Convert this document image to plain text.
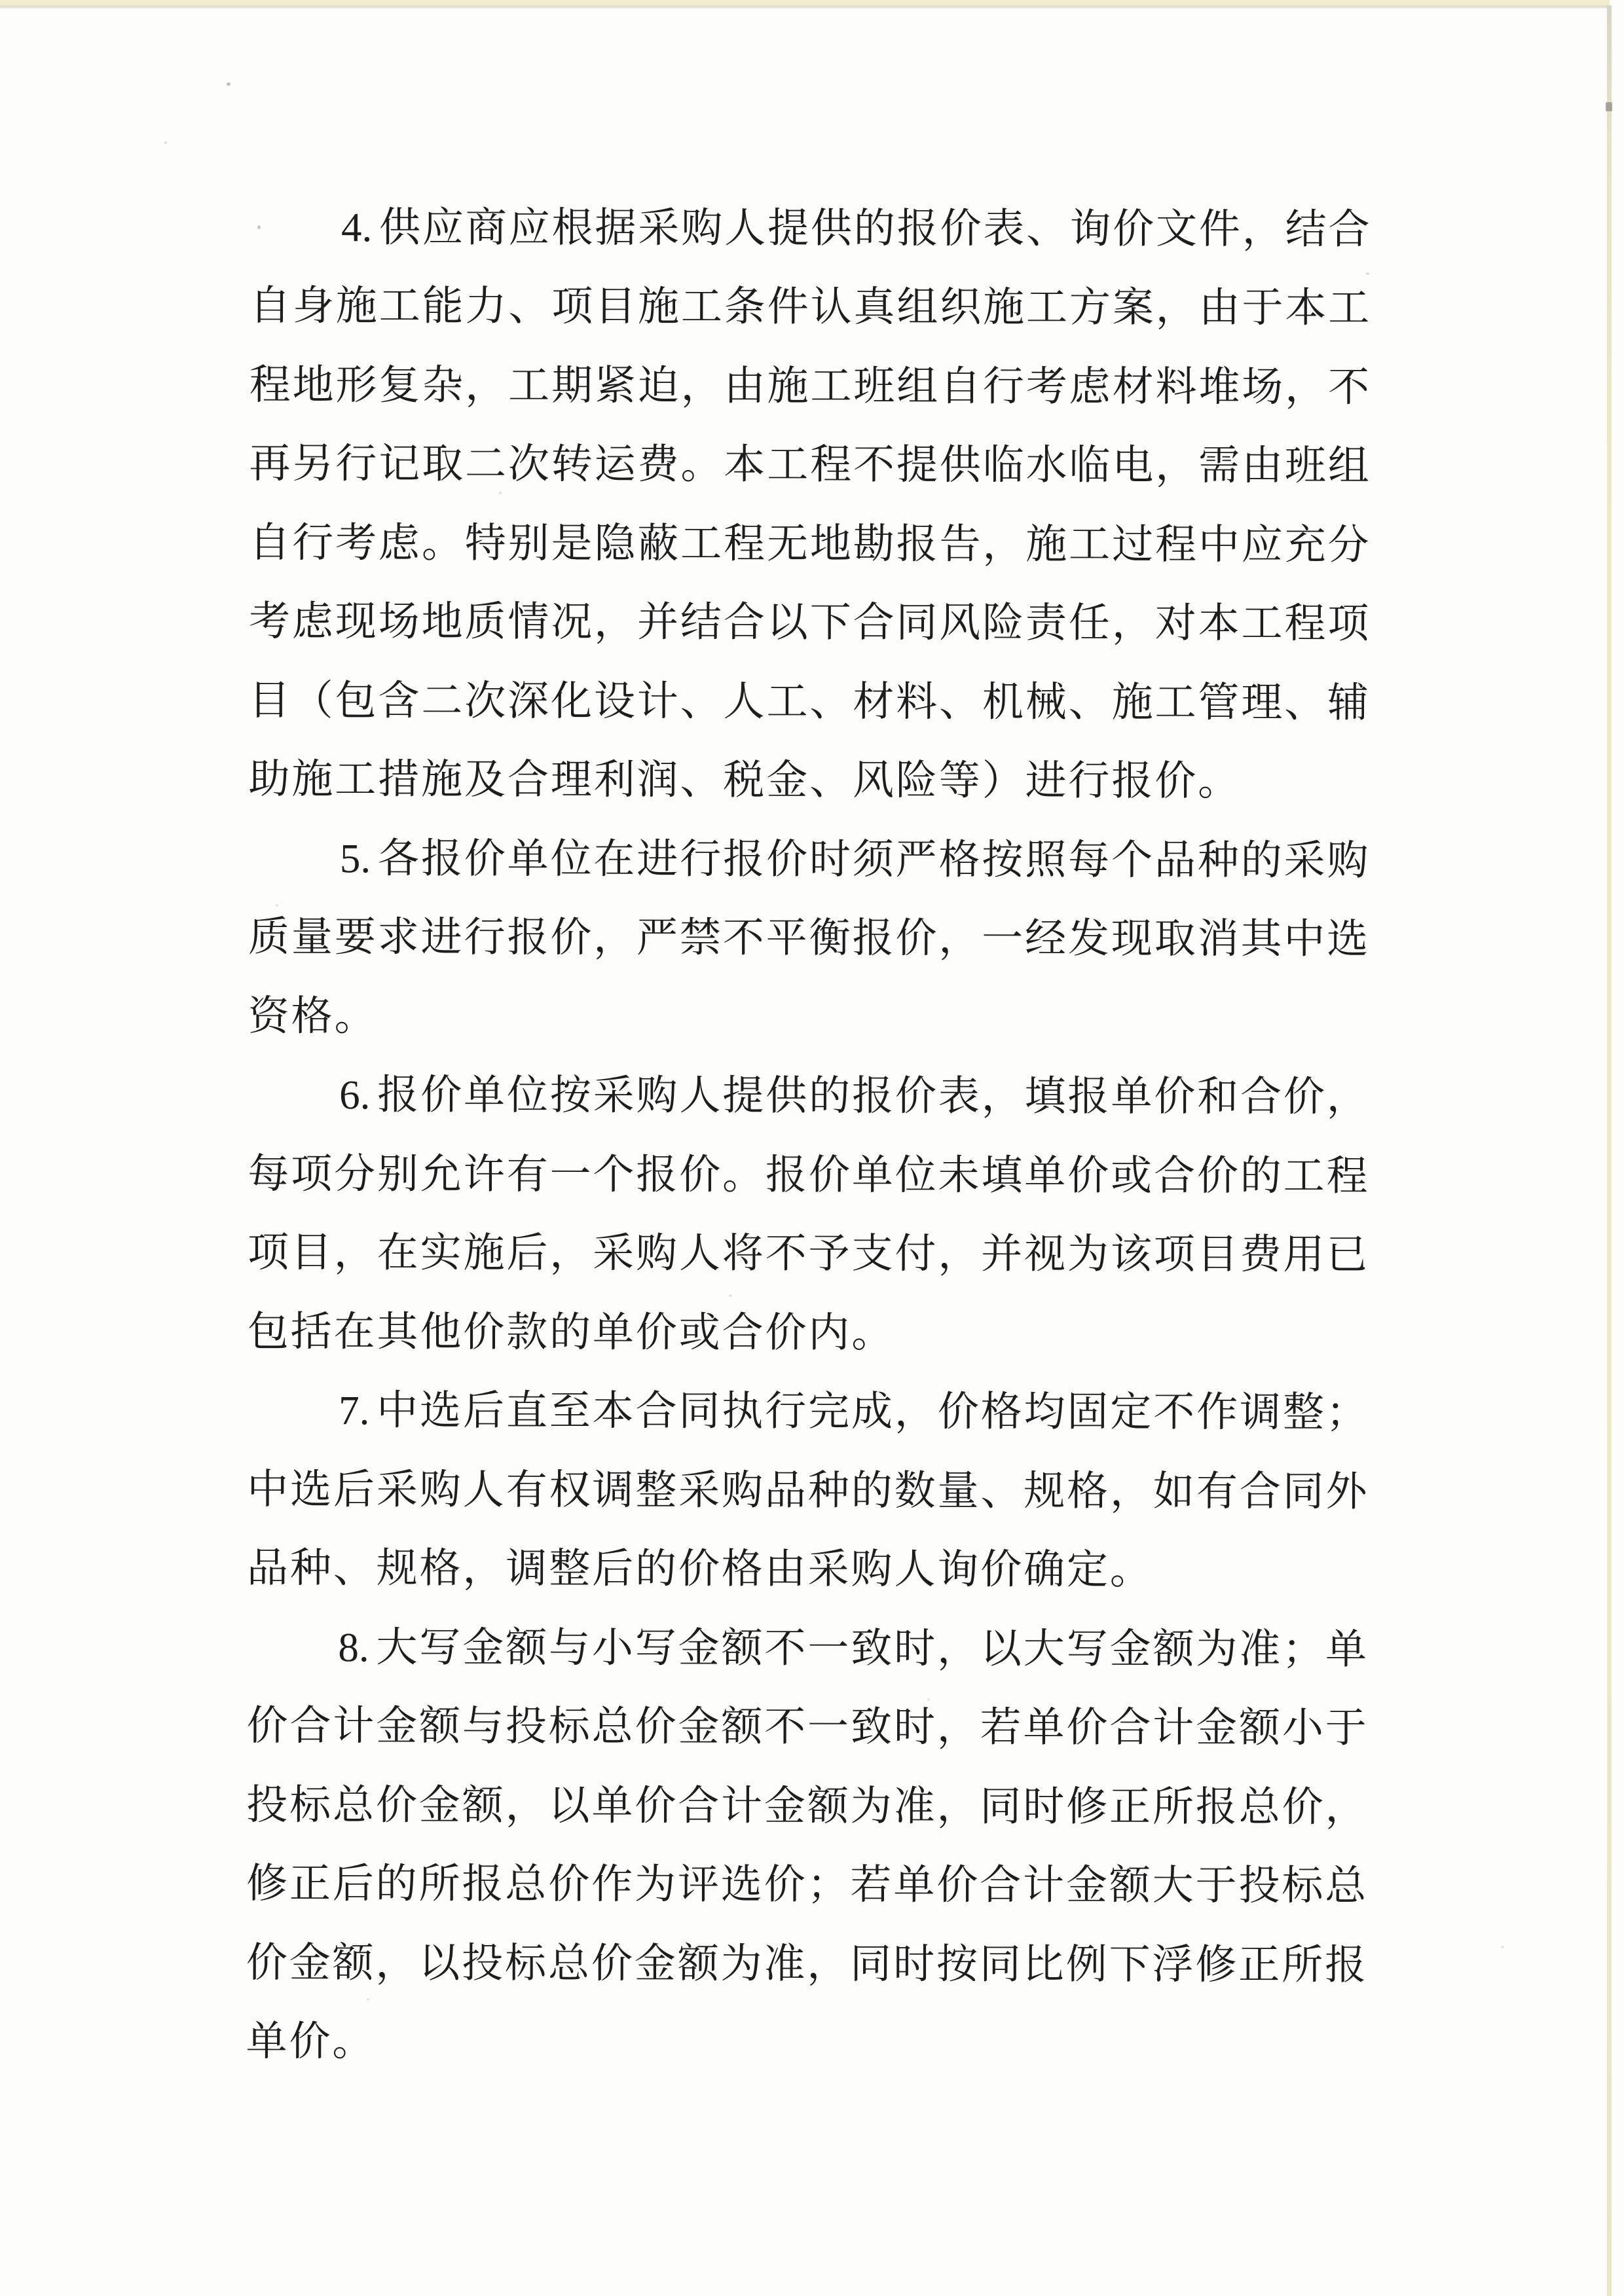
4. 供 应 商 应 根 据 采 购 人 提 供 的 报 价 表 、 询 价 文 件 ， 结 合
自 身 施 工 能 力 、 项 目 施 工 条 件 认 真 组 织 施 工 方 案 ， 由 于 本 工
程 地 形 复 杂 ， 工 期 紧 迫 ， 由 施 工 班 组 自 行 考 虑 材 料 堆 场 ， 不
再 另 行 记 取 二 次 转 运 费 。 本 工 程 不 提 供 临 水 临 电 ， 需 由 班 组
自 行 考 虑 。 特 别 是 隐 蔽 工 程 无 地 勘 报 告 ， 施 工 过 程 中 应 充 分
考 虑 现 场 地 质 情 况 ， 并 结 合 以 下 合 同 风 险 责 任 ， 对 本 工 程 项
目 （ 包 含 二 次 深 化 设 计 、 人 工 、 材 料 、 机 械 、 施 工 管 理 、 辅
助 施 工 措 施 及 合 理 利 润 、 税 金 、 风 险 等 ） 进 行 报 价 。
5. 各 报 价 单 位 在 进 行 报 价 时 须 严 格 按 照 每 个 品 种 的 采 购
质 量 要 求 进 行 报 价 ， 严 禁 不 平 衡 报 价 ， 一 经 发 现 取 消 其 中 选
资 格 。
6. 报 价 单 位 按 采 购 人 提 供 的 报 价 表 ， 填 报 单 价 和 合 价 ，
每 项 分 别 允 许 有 一 个 报 价 。 报 价 单 位 未 填 单 价 或 合 价 的 工 程
项 目 ， 在 实 施 后 ， 采 购 人 将 不 予 支 付 ， 并 视 为 该 项 目 费 用 已
包 括 在 其 他 价 款 的 单 价 或 合 价 内 。
7. 中 选 后 直 至 本 合 同 执 行 完 成 ， 价 格 均 固 定 不 作 调 整 ；
中 选 后 采 购 人 有 权 调 整 采 购 品 种 的 数 量 、 规 格 ， 如 有 合 同 外
品 种 、 规 格 ， 调 整 后 的 价 格 由 采 购 人 询 价 确 定 。
8. 大 写 金 额 与 小 写 金 额 不 一 致 时 ， 以 大 写 金 额 为 准 ； 单
价 合 计 金 额 与 投 标 总 价 金 额 不 一 致 时 ， 若 单 价 合 计 金 额 小 于
投 标 总 价 金 额 ， 以 单 价 合 计 金 额 为 准 ， 同 时 修 正 所 报 总 价 ，
修 正 后 的 所 报 总 价 作 为 评 选 价 ； 若 单 价 合 计 金 额 大 于 投 标 总
价 金 额 ， 以 投 标 总 价 金 额 为 准 ， 同 时 按 同 比 例 下 浮 修 正 所 报
单 价 。
